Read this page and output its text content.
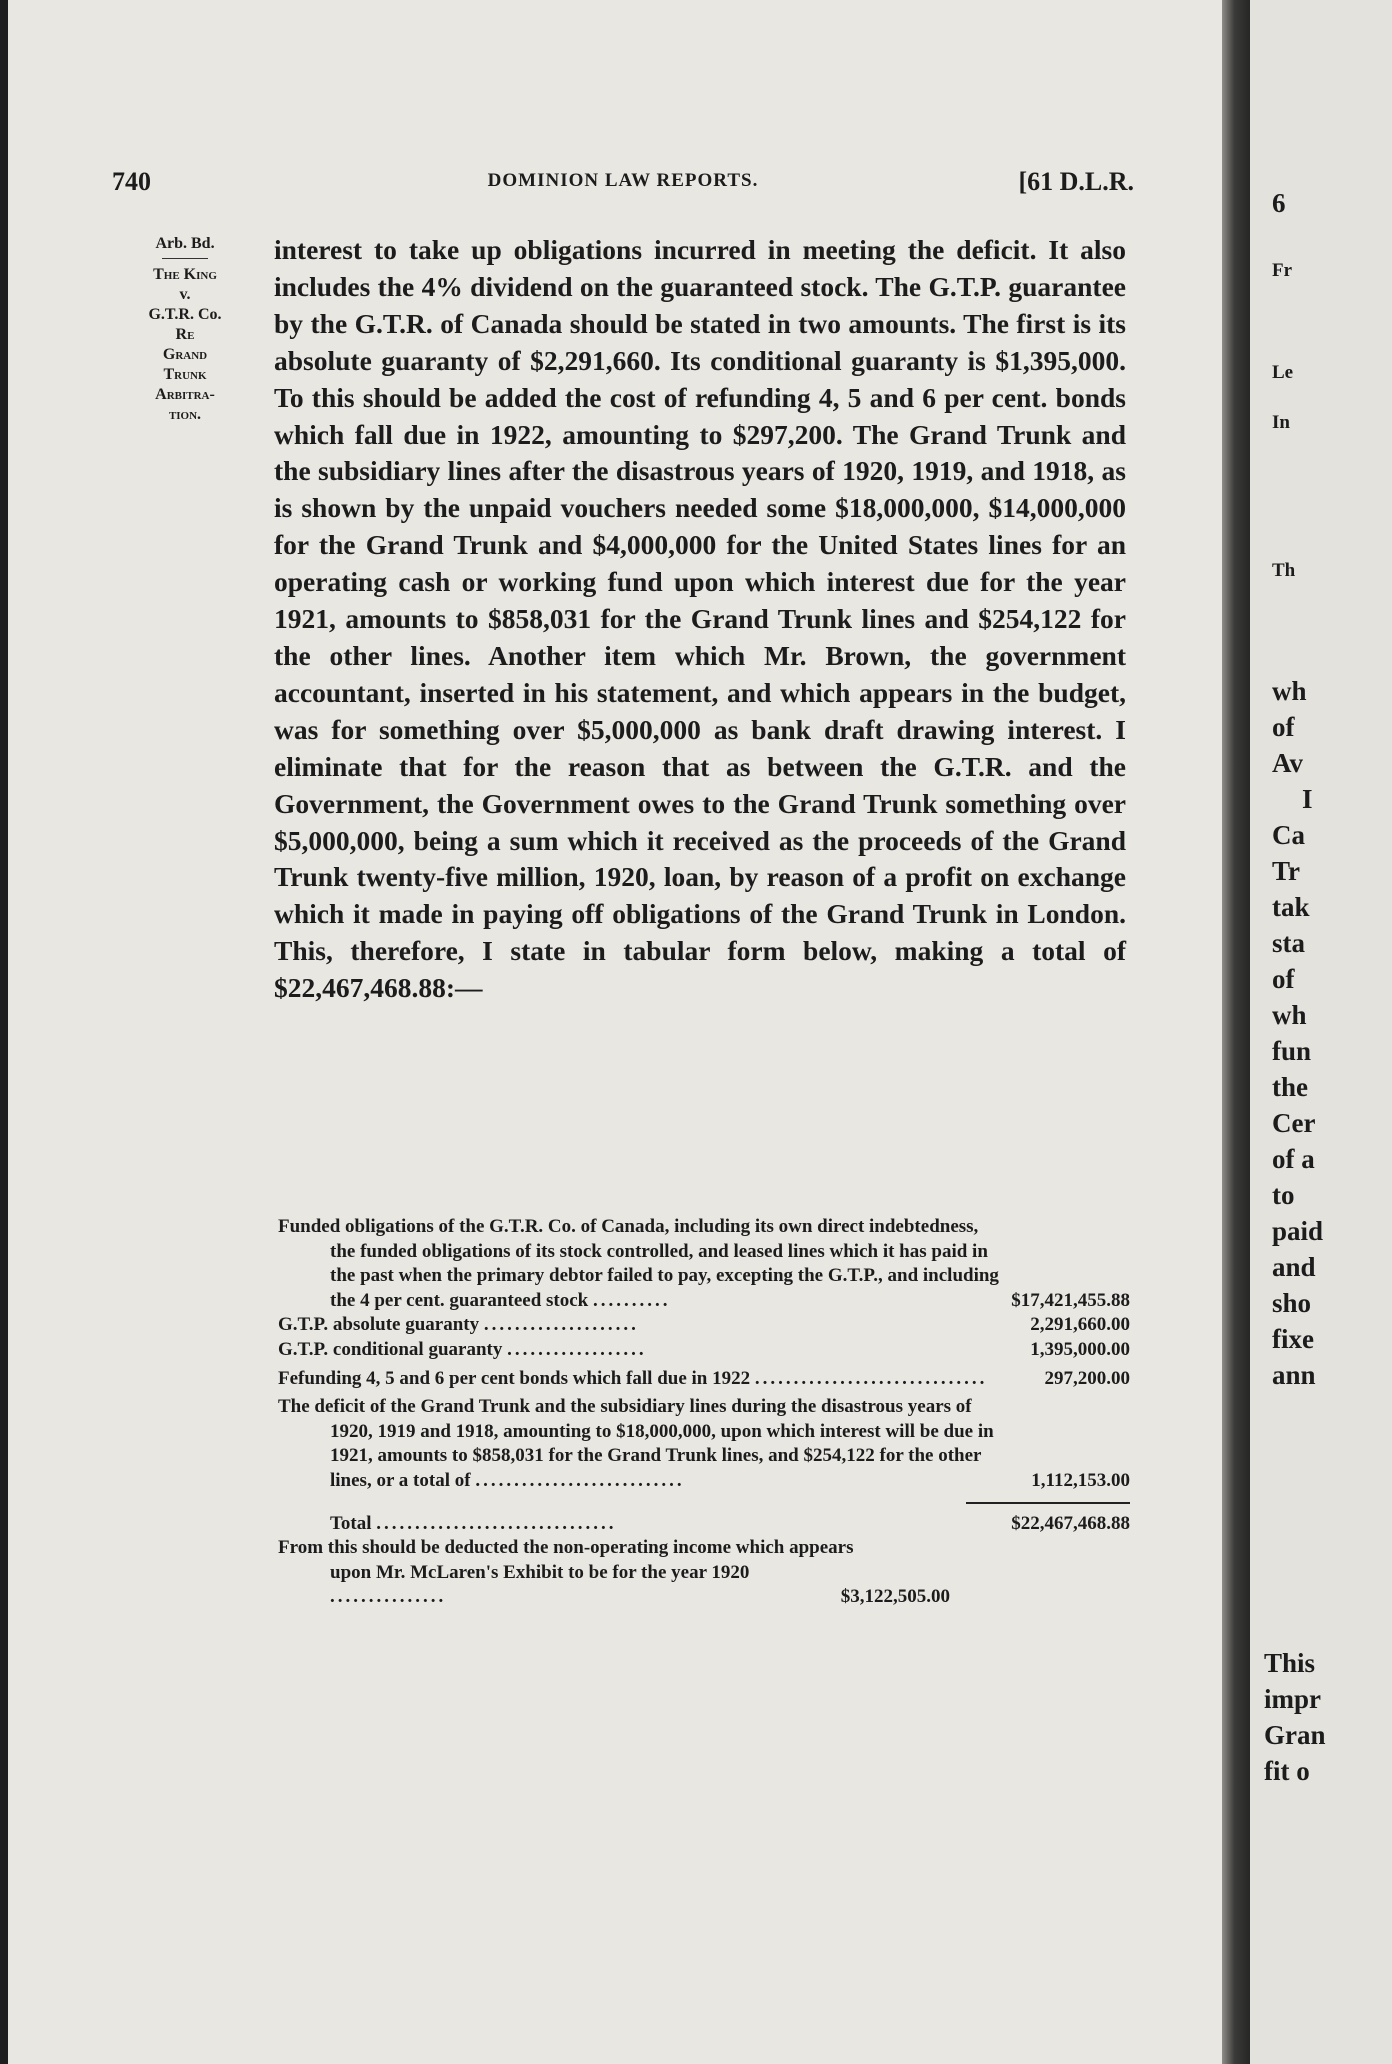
740	DOMINION LAW REPORTS.	[61 D.L.R.
Arb. Bd.
The King
v.
G.T.R. Co.
Re
Grand
Trunk
Arbitra-
tion.

interest to take up obligations incurred in meeting the deficit. It also includes the 4% dividend on the guaranteed stock. The G.T.P. guarantee by the G.T.R. of Canada should be stated in two amounts. The first is its absolute guaranty of $2,291,660. Its conditional guaranty is $1,395,000. To this should be added the cost of refunding 4, 5 and 6 per cent. bonds which fall due in 1922, amounting to $297,200. The Grand Trunk and the subsidiary lines after the disastrous years of 1920, 1919, and 1918, as is shown by the unpaid vouchers needed some $18,000,000, $14,000,000 for the Grand Trunk and $4,000,000 for the United States lines for an operating cash or working fund upon which interest due for the year 1921, amounts to $858,031 for the Grand Trunk lines and $254,122 for the other lines. Another item which Mr. Brown, the government accountant, inserted in his statement, and which appears in the budget, was for something over $5,000,000 as bank draft drawing interest. I eliminate that for the reason that as between the G.T.R. and the Government, the Government owes to the Grand Trunk something over $5,000,000, being a sum which it received as the proceeds of the Grand Trunk twenty-five million, 1920, loan, by reason of a profit on exchange which it made in paying off obligations of the Grand Trunk in London. This, therefore, I state in tabular form below, making a total of $22,467,468.88:—

Funded obligations of the G.T.R. Co. of Canada, including its own direct indebtedness, the funded obligations of its stock controlled, and leased lines which it has paid in the past when the primary debtor failed to pay, excepting the G.T.P., and including the 4 per cent. guaranteed stock ..........	$17,421,455.88
G.T.P. absolute guaranty ....................	2,291,660.00
G.T.P. conditional guaranty ..................	1,395,000.00
Fefunding 4, 5 and 6 per cent bonds which fall due in 1922 ..............................	297,200.00
The deficit of the Grand Trunk and the subsidiary lines during the disastrous years of 1920, 1919 and 1918, amounting to $18,000,000, upon which interest will be due in 1921, amounts to $858,031 for the Grand Trunk lines, and $254,122 for the other lines, or a total of ...........................	1,112,153.00
Total ...............................	$22,467,468.88
From this should be deducted the non-operating income which appears upon Mr. McLaren's Exhibit to be for the year 1920 ...............	$3,122,505.00
6
Fr
Le
In
Th
wh
of
Av
I
Ca
Tr
tak
sta
of
wh
fun
the
Cer
of a
to
paid
and
sho
fixe
ann
This
impr
Gran
fit o
